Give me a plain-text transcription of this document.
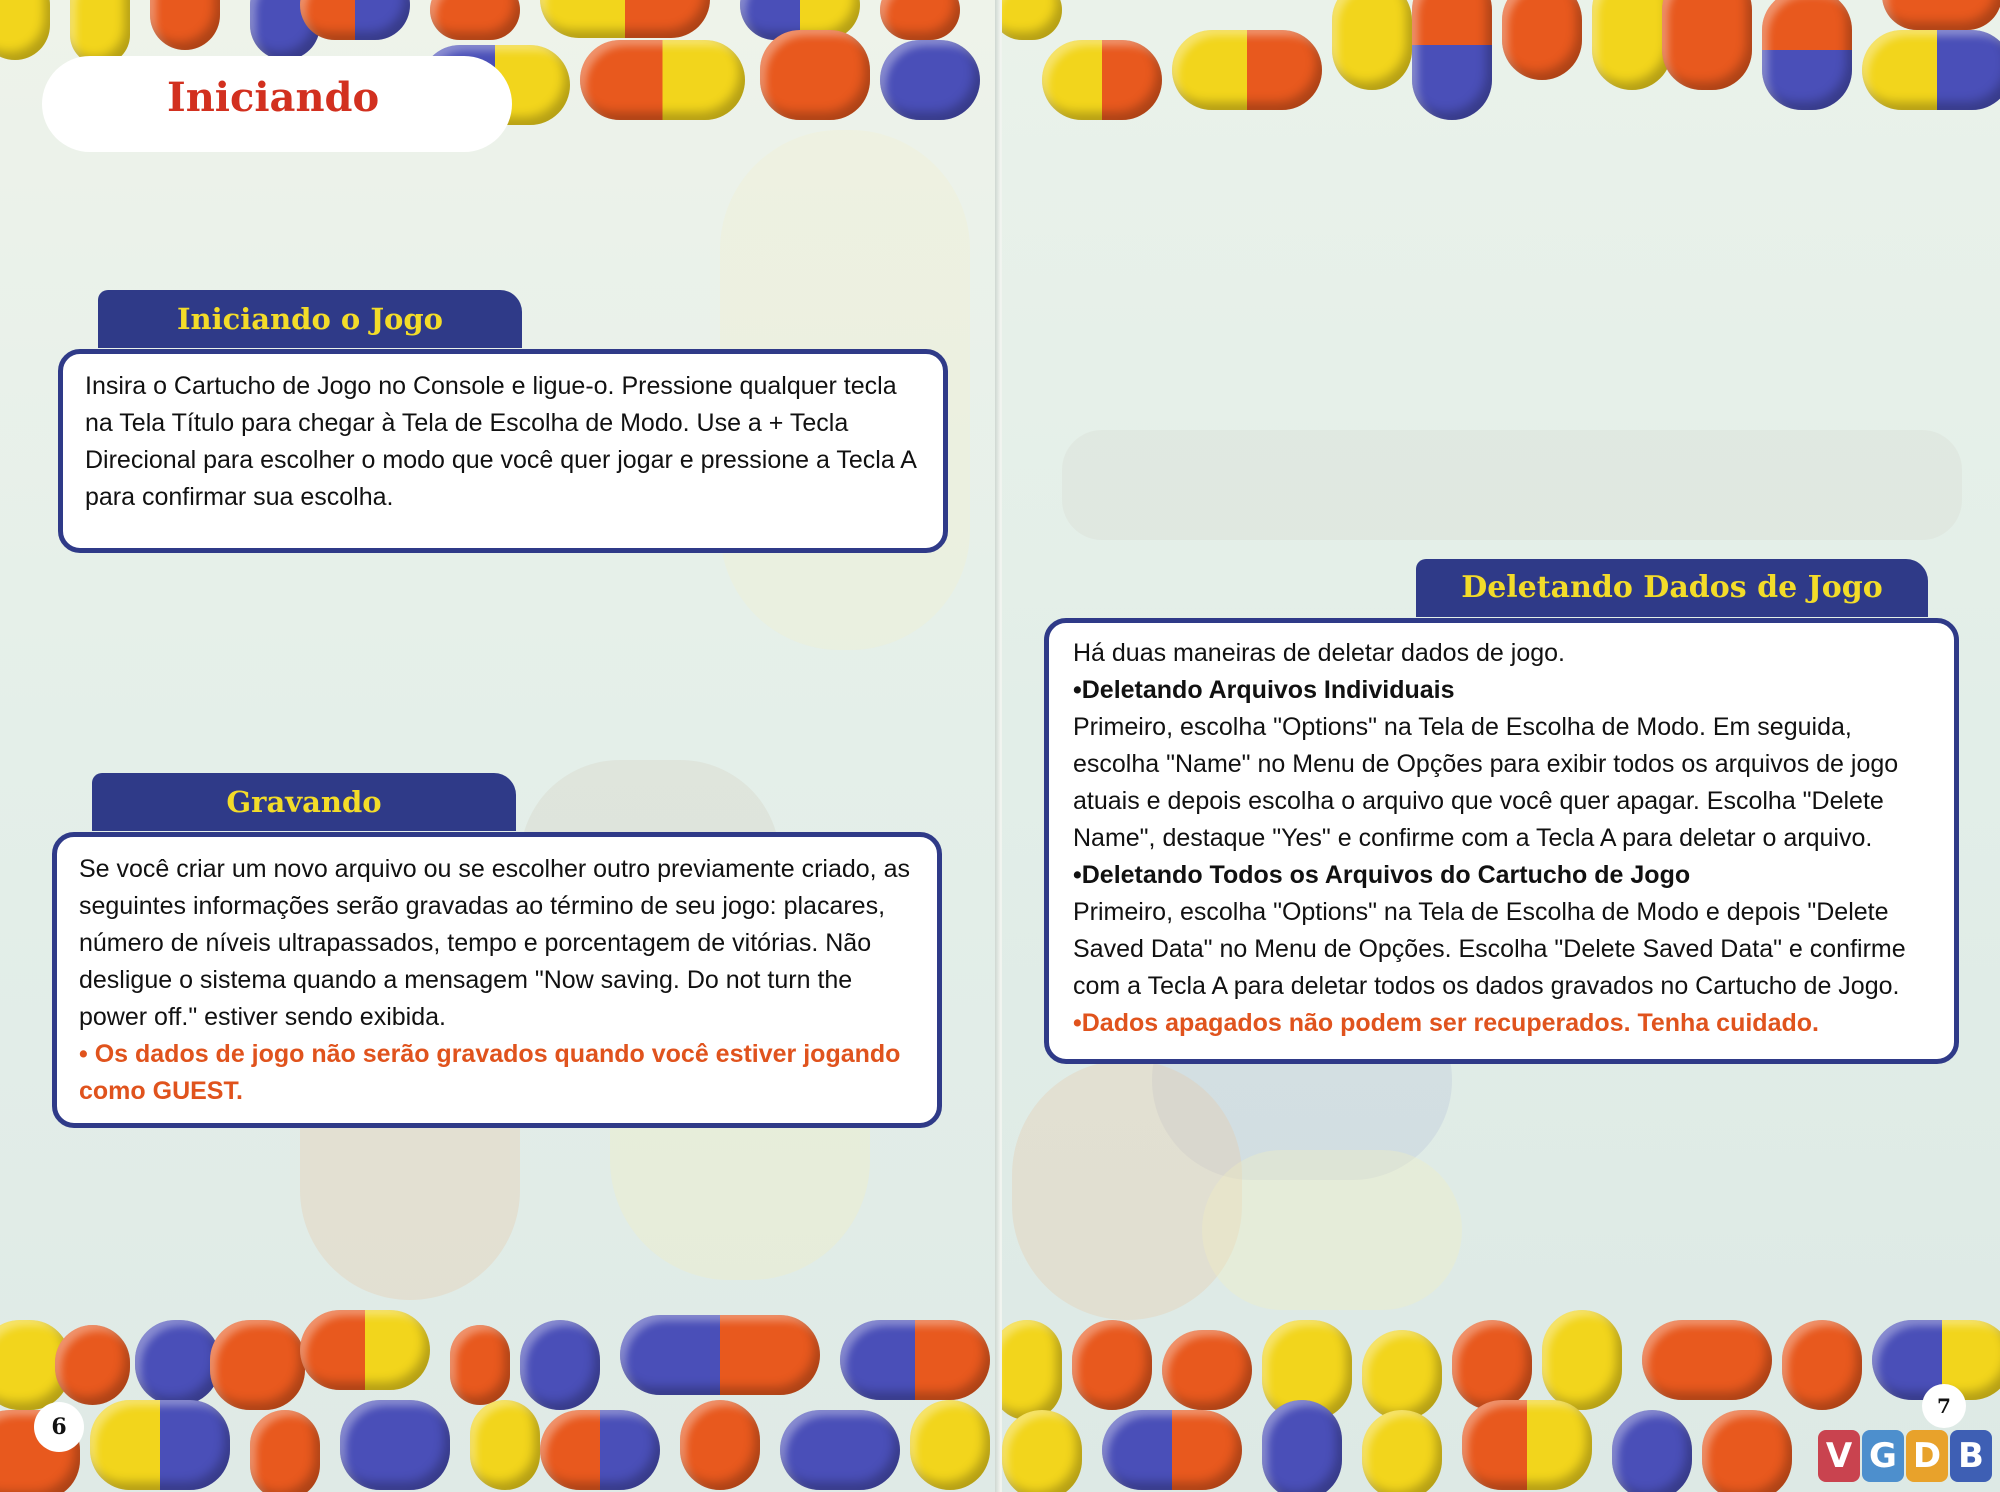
Iniciando
Iniciando o Jogo

Insira o Cartucho de Jogo no Console e ligue-o. Pressione qualquer tecla na Tela Título para chegar à Tela de Escolha de Modo. Use a + Tecla Direcional para escolher o modo que você quer jogar e pressione a Tecla A para confirmar sua escolha.

Gravando

Se você criar um novo arquivo ou se escolher outro previamente criado, as seguintes informações serão gravadas ao término de seu jogo: placares, número de níveis ultrapassados, tempo e porcentagem de vitórias. Não desligue o sistema quando a mensagem "Now saving. Do not turn the power off." estiver sendo exibida.

• Os dados de jogo não serão gravados quando você estiver jogando como GUEST.

6
Deletando Dados de Jogo

Há duas maneiras de deletar dados de jogo.

•Deletando Arquivos Individuais

Primeiro, escolha "Options" na Tela de Escolha de Modo. Em seguida, escolha "Name" no Menu de Opções para exibir todos os arquivos de jogo atuais e depois escolha o arquivo que você quer apagar. Escolha "Delete Name", destaque "Yes" e confirme com a Tecla A para deletar o arquivo.

•Deletando Todos os Arquivos do Cartucho de Jogo

Primeiro, escolha "Options" na Tela de Escolha de Modo e depois "Delete Saved Data" no Menu de Opções. Escolha "Delete Saved Data" e confirme com a Tecla A para deletar todos os dados gravados no Cartucho de Jogo.

•Dados apagados não podem ser recuperados. Tenha cuidado.

7
V G D B
